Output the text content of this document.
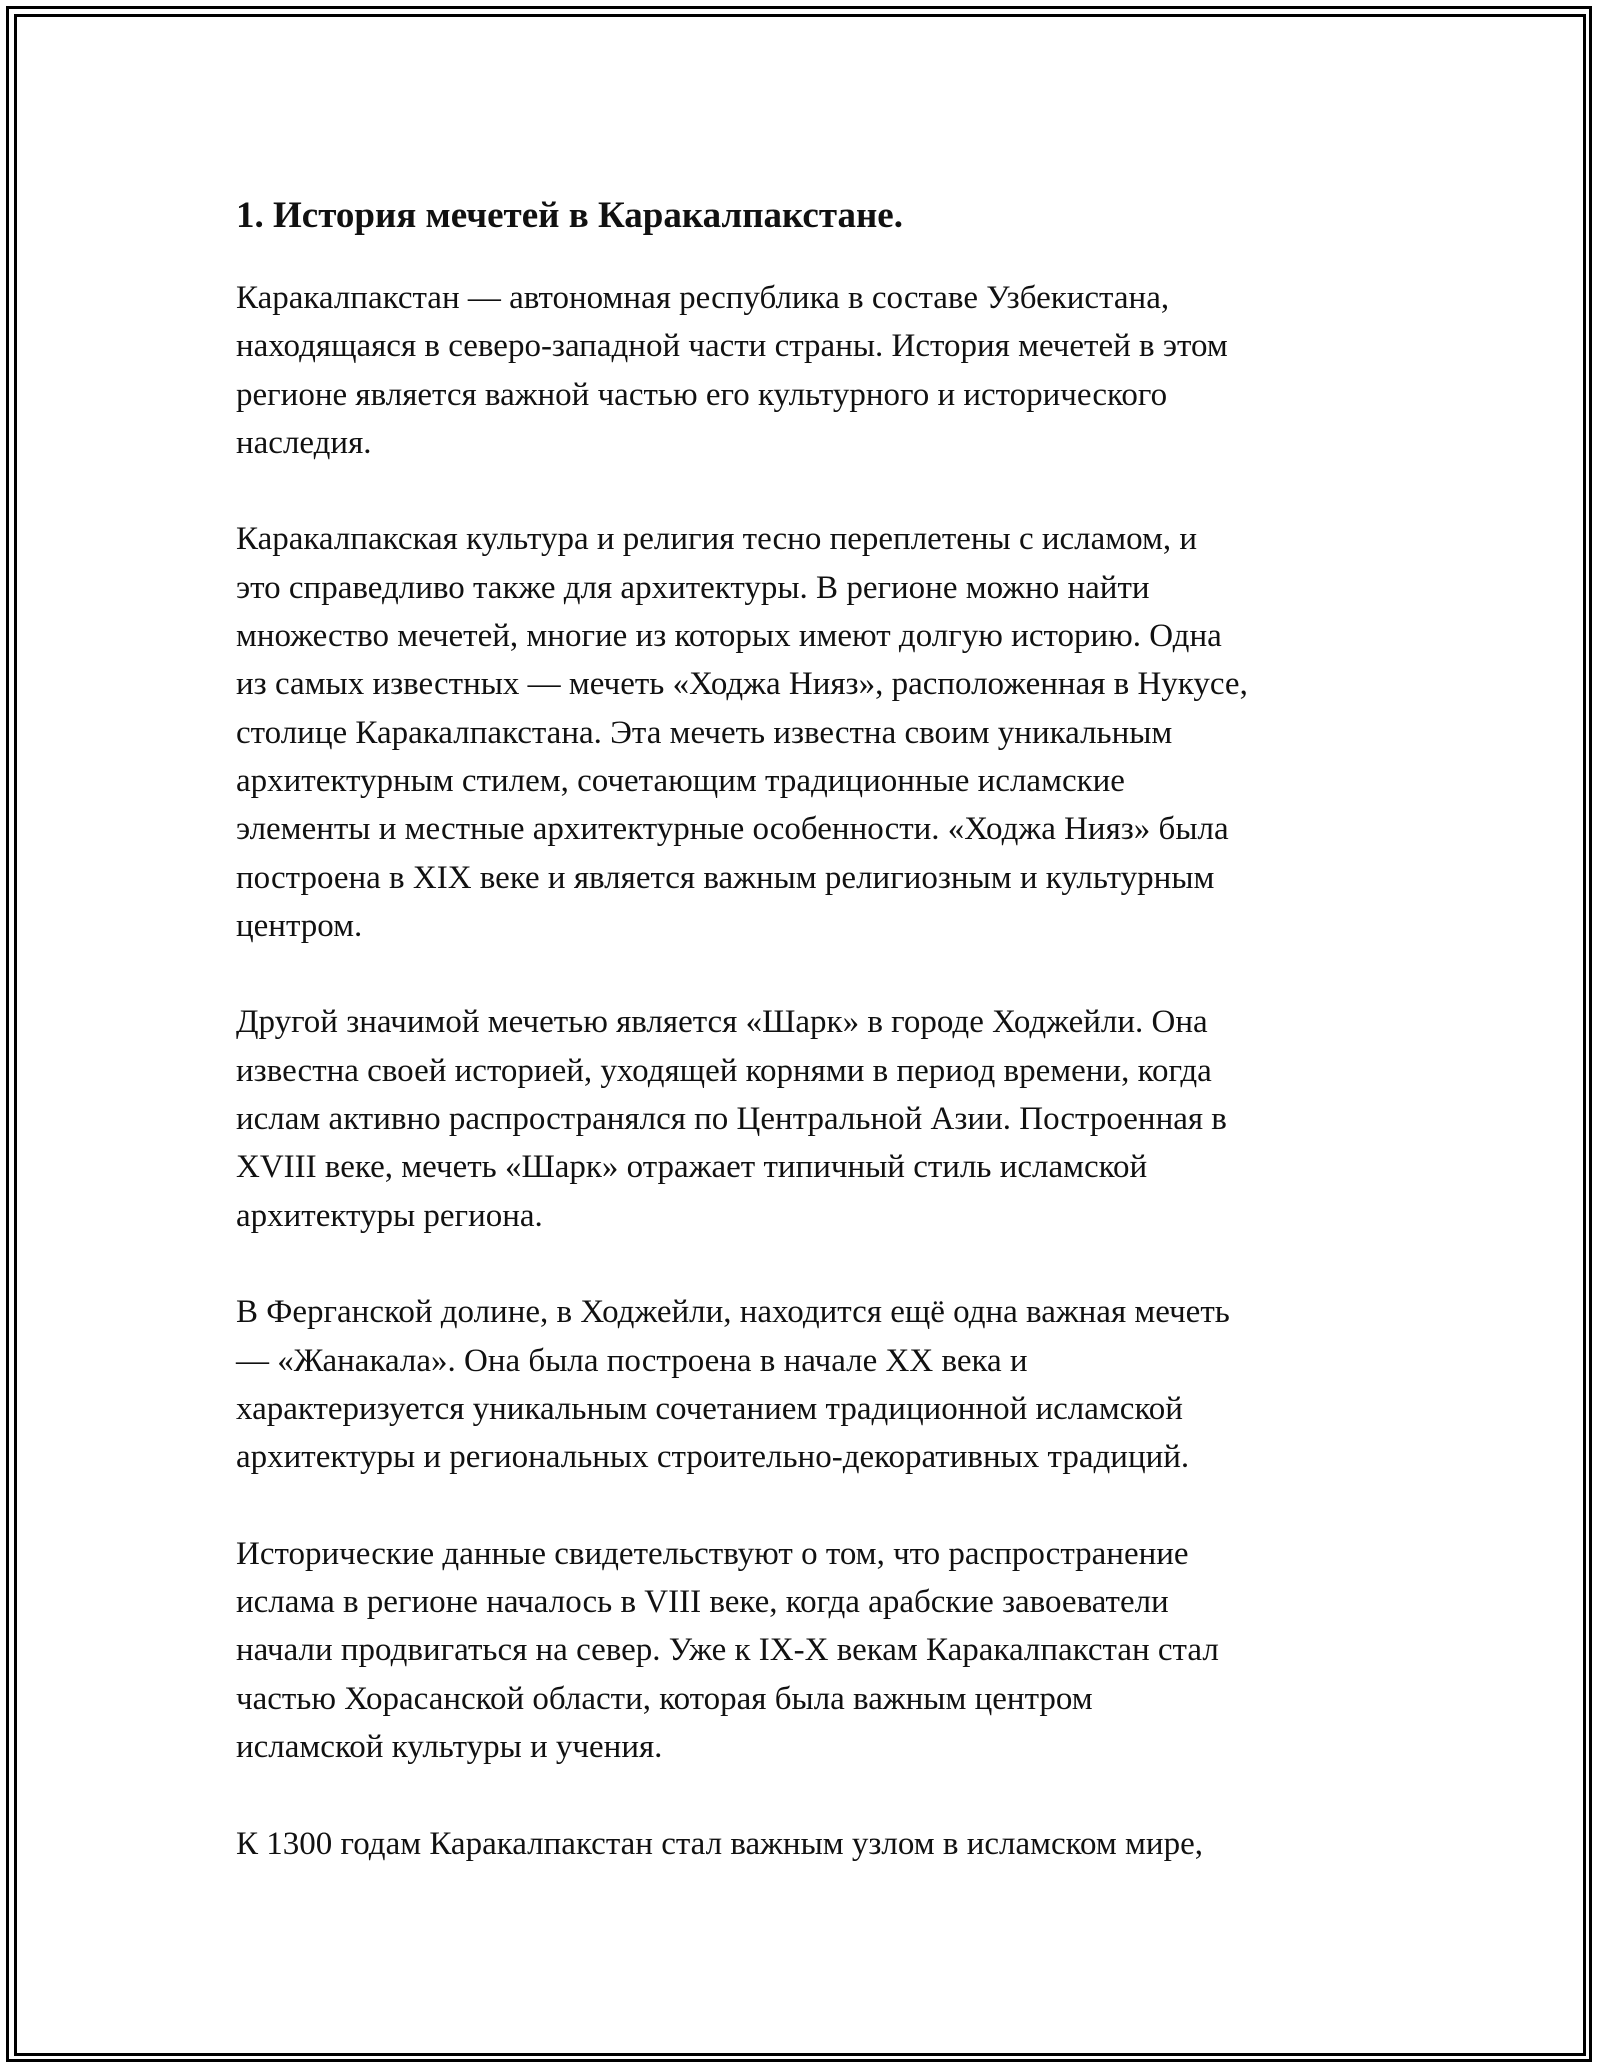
1. История мечетей в Каракалпакстане.

Каракалпакстан — автономная республика в составе Узбекистана,
находящаяся в северо-западной части страны. История мечетей в этом
регионе является важной частью его культурного и исторического
наследия.

Каракалпакская культура и религия тесно переплетены с исламом, и
это справедливо также для архитектуры. В регионе можно найти
множество мечетей, многие из которых имеют долгую историю. Одна
из самых известных — мечеть «Ходжа Нияз», расположенная в Нукусе,
столице Каракалпакстана. Эта мечеть известна своим уникальным
архитектурным стилем, сочетающим традиционные исламские
элементы и местные архитектурные особенности. «Ходжа Нияз» была
построена в XIX веке и является важным религиозным и культурным
центром.

Другой значимой мечетью является «Шарк» в городе Ходжейли. Она
известна своей историей, уходящей корнями в период времени, когда
ислам активно распространялся по Центральной Азии. Построенная в
XVIII веке, мечеть «Шарк» отражает типичный стиль исламской
архитектуры региона.

В Ферганской долине, в Ходжейли, находится ещё одна важная мечеть
— «Жанакала». Она была построена в начале XX века и
характеризуется уникальным сочетанием традиционной исламской
архитектуры и региональных строительно-декоративных традиций.

Исторические данные свидетельствуют о том, что распространение
ислама в регионе началось в VIII веке, когда арабские завоеватели
начали продвигаться на север. Уже к IX-X векам Каракалпакстан стал
частью Хорасанской области, которая была важным центром
исламской культуры и учения.

К 1300 годам Каракалпакстан стал важным узлом в исламском мире,
